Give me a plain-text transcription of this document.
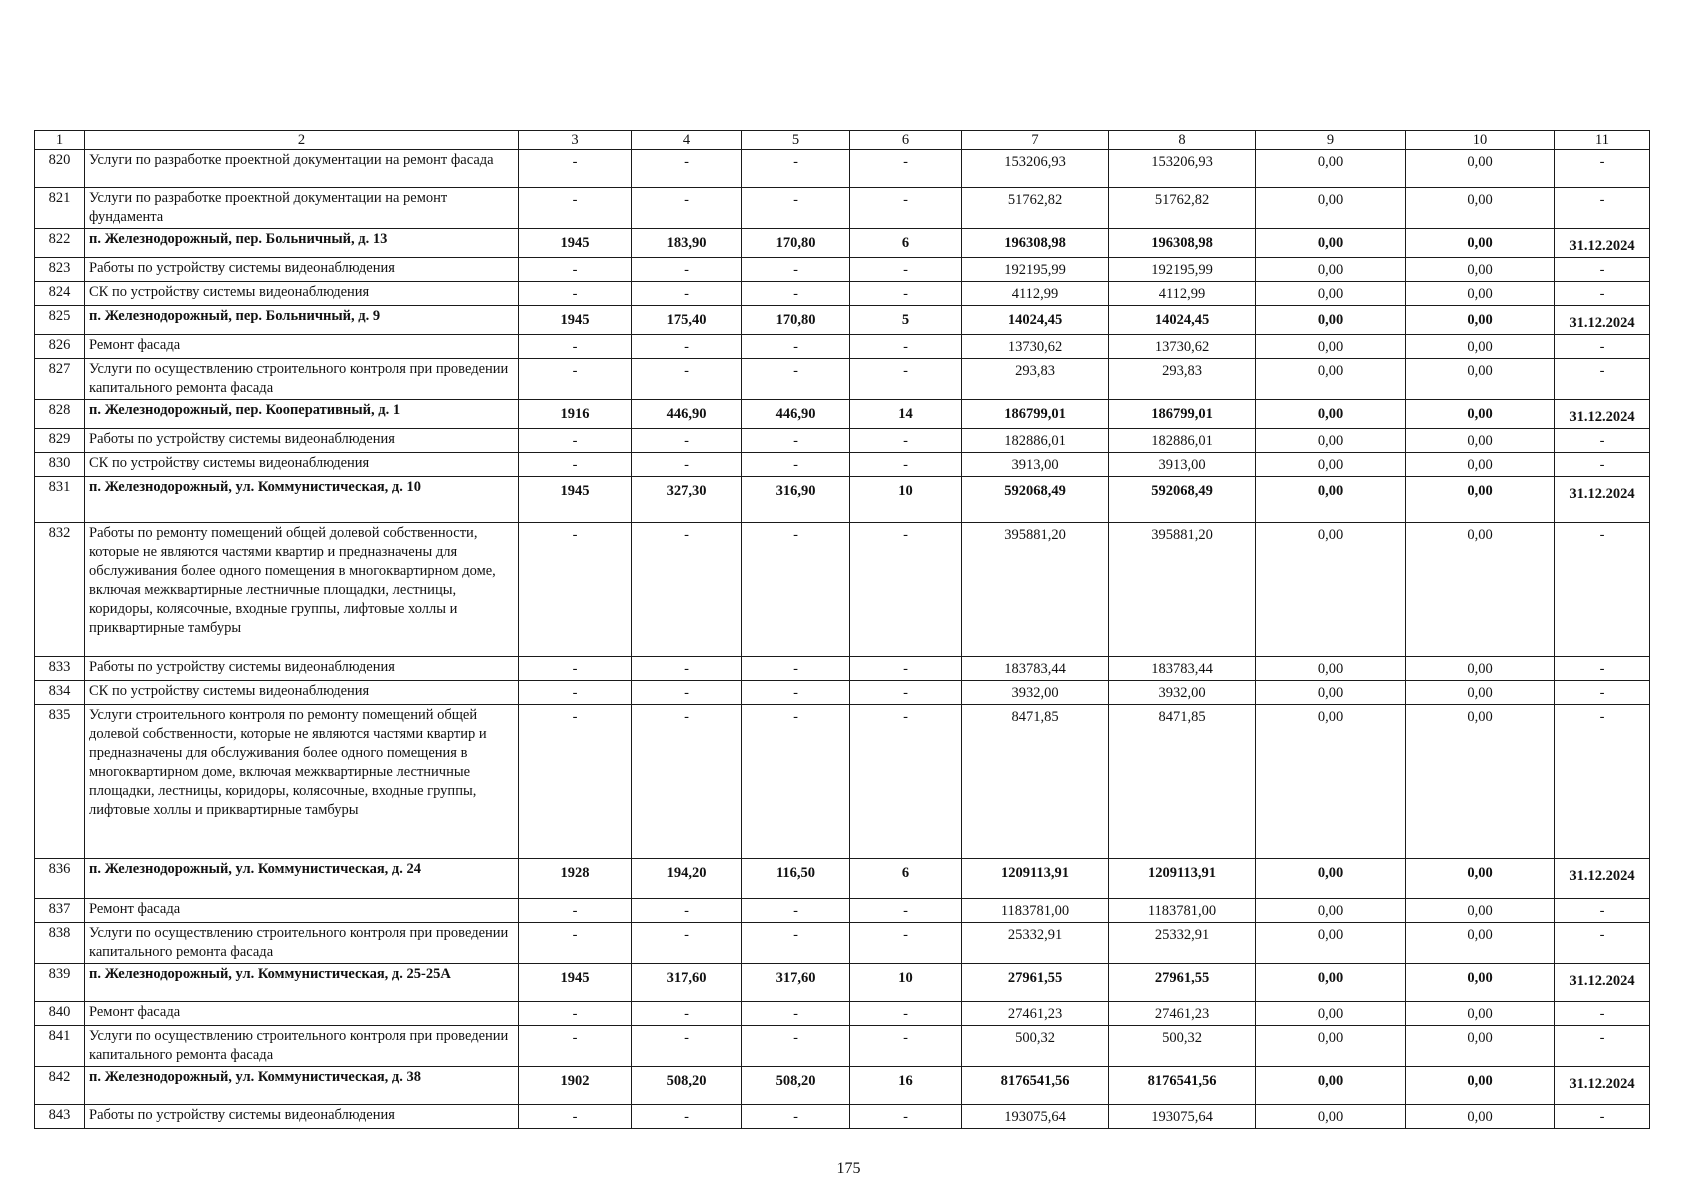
1	2	3	4	5	6	7	8	9	10	11
820	Услуги по разработке проектной документации на ремонт фасада	-	-	-	-	153206,93	153206,93	0,00	0,00	-
821	Услуги по разработке проектной документации на ремонт фундамента	-	-	-	-	51762,82	51762,82	0,00	0,00	-
822	п. Железнодорожный, пер. Больничный, д. 13	1945	183,90	170,80	6	196308,98	196308,98	0,00	0,00	31.12.2024
823	Работы по устройству системы видеонаблюдения	-	-	-	-	192195,99	192195,99	0,00	0,00	-
824	СК по устройству системы видеонаблюдения	-	-	-	-	4112,99	4112,99	0,00	0,00	-
825	п. Железнодорожный, пер. Больничный, д. 9	1945	175,40	170,80	5	14024,45	14024,45	0,00	0,00	31.12.2024
826	Ремонт фасада	-	-	-	-	13730,62	13730,62	0,00	0,00	-
827	Услуги по осуществлению строительного контроля при проведении капитального ремонта фасада	-	-	-	-	293,83	293,83	0,00	0,00	-
828	п. Железнодорожный, пер. Кооперативный, д. 1	1916	446,90	446,90	14	186799,01	186799,01	0,00	0,00	31.12.2024
829	Работы по устройству системы видеонаблюдения	-	-	-	-	182886,01	182886,01	0,00	0,00	-
830	СК по устройству системы видеонаблюдения	-	-	-	-	3913,00	3913,00	0,00	0,00	-
831	п. Железнодорожный, ул. Коммунистическая, д. 10	1945	327,30	316,90	10	592068,49	592068,49	0,00	0,00	31.12.2024
832	Работы по ремонту помещений общей долевой собственности, которые не являются частями квартир и предназначены для обслуживания более одного помещения в многоквартирном доме, включая межквартирные лестничные площадки, лестницы, коридоры, колясочные, входные группы, лифтовые холлы и приквартирные тамбуры	-	-	-	-	395881,20	395881,20	0,00	0,00	-
833	Работы по устройству системы видеонаблюдения	-	-	-	-	183783,44	183783,44	0,00	0,00	-
834	СК по устройству системы видеонаблюдения	-	-	-	-	3932,00	3932,00	0,00	0,00	-
835	Услуги строительного контроля по ремонту помещений общей долевой собственности, которые не являются частями квартир и предназначены для обслуживания более одного помещения в многоквартирном доме, включая межквартирные лестничные площадки, лестницы, коридоры, колясочные, входные группы, лифтовые холлы и приквартирные тамбуры	-	-	-	-	8471,85	8471,85	0,00	0,00	-
836	п. Железнодорожный, ул. Коммунистическая, д. 24	1928	194,20	116,50	6	1209113,91	1209113,91	0,00	0,00	31.12.2024
837	Ремонт фасада	-	-	-	-	1183781,00	1183781,00	0,00	0,00	-
838	Услуги по осуществлению строительного контроля при проведении капитального ремонта фасада	-	-	-	-	25332,91	25332,91	0,00	0,00	-
839	п. Железнодорожный, ул. Коммунистическая, д. 25-25А	1945	317,60	317,60	10	27961,55	27961,55	0,00	0,00	31.12.2024
840	Ремонт фасада	-	-	-	-	27461,23	27461,23	0,00	0,00	-
841	Услуги по осуществлению строительного контроля при проведении капитального ремонта фасада	-	-	-	-	500,32	500,32	0,00	0,00	-
842	п. Железнодорожный, ул. Коммунистическая, д. 38	1902	508,20	508,20	16	8176541,56	8176541,56	0,00	0,00	31.12.2024
843	Работы по устройству системы видеонаблюдения	-	-	-	-	193075,64	193075,64	0,00	0,00	-
175
